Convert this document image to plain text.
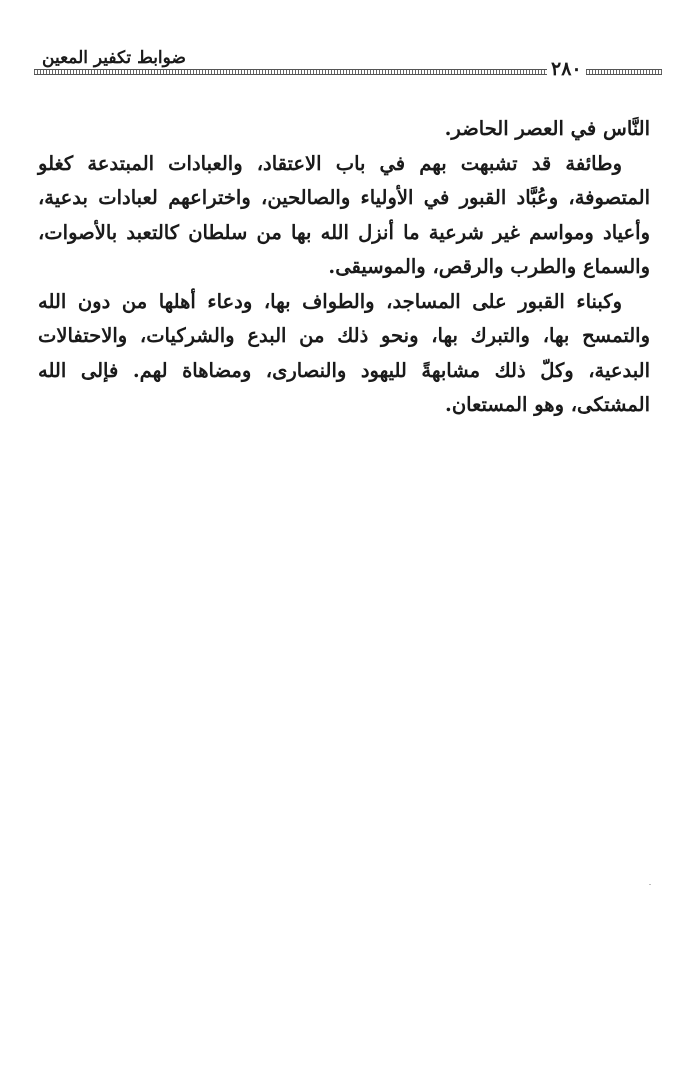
ضوابط تكفير المعين	٢٨٠

النَّاس في العصر الحاضر.

وطائفة قد تشبهت بهم في باب الاعتقاد، والعبادات المبتدعة كغلو المتصوفة، وعُبَّاد القبور في الأولياء والصالحين، واختراعهم لعبادات بدعية، وأعياد ومواسم غير شرعية ما أنزل الله بها من سلطان كالتعبد بالأصوات، والسماع والطرب والرقص، والموسيقى.

وكبناء القبور على المساجد، والطواف بها، ودعاء أهلها من دون الله والتمسح بها، والتبرك بها، ونحو ذلك من البدع والشركيات، والاحتفالات البدعية، وكلّ ذلك مشابهةً لليهود والنصارى، ومضاهاة لهم. فإلى الله المشتكى، وهو المستعان.
